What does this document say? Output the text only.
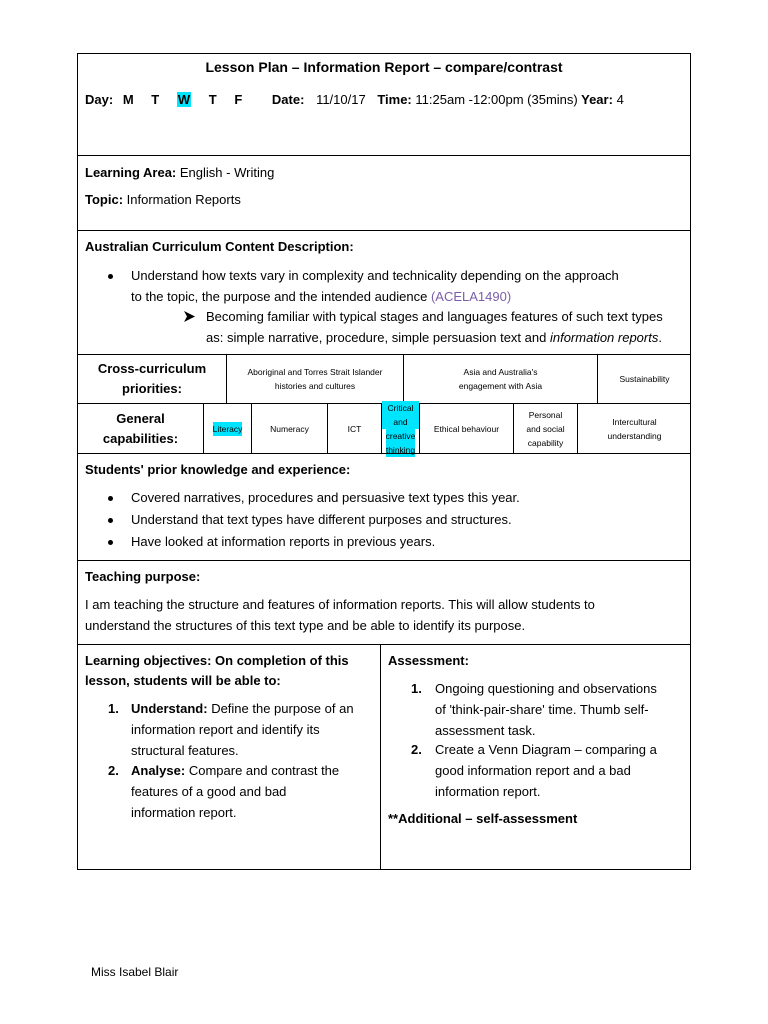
Lesson Plan – Information Report – compare/contrast
Day: M T W T F Date: 11/10/17 Time: 11:25am -12:00pm (35mins) Year: 4
Learning Area: English - Writing
Topic: Information Reports
Australian Curriculum Content Description:
Understand how texts vary in complexity and technicality depending on the approach
to the topic, the purpose and the intended audience (ACELA1490)
Becoming familiar with typical stages and languages features of such text types
as: simple narrative, procedure, simple persuasion text and information reports.
Cross-curriculum
priorities:
Aboriginal and Torres Strait Islander
histories and cultures
Asia and Australia's
engagement with Asia
Sustainability
General
capabilities:
Literacy	Numeracy	ICT
Critical and
creative
thinking
Ethical behaviour
Personal
and social
capability
Intercultural
understanding
Students' prior knowledge and experience:
Covered narratives, procedures and persuasive text types this year.
Understand that text types have different purposes and structures.
Have looked at information reports in previous years.
Teaching purpose:
I am teaching the structure and features of information reports. This will allow students to
understand the structures of this text type and be able to identify its purpose.
Learning objectives: On completion of this
lesson, students will be able to:
1. Understand: Define the purpose of an
information report and identify its
structural features.
2. Analyse: Compare and contrast the
features of a good and bad
information report.
Assessment:
1. Ongoing questioning and observations
of 'think-pair-share' time. Thumb self-
assessment task.
2. Create a Venn Diagram – comparing a
good information report and a bad
information report.
**Additional – self-assessment
Miss Isabel Blair
